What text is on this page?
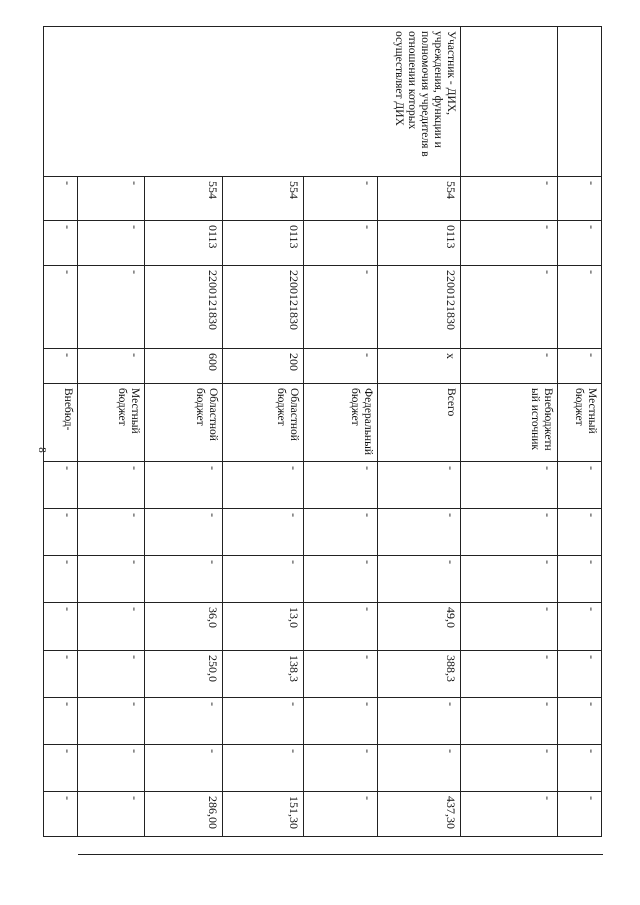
8
	-	-	-	-	Местный бюджет	-	-	-	-	-	-	-	-
	-	-	-	-	Внебюджетный источник	-	-	-	-	-	-	-	-
Участник - ДИХ, учреждения, функции и полномочия учредителя в отношении которых осуществляет ДИХ	554	0113	2200121830	х	Всего	-	-	-	49,0	388,3	-	-	437,30
	-	-	-	-	Федеральный бюджет	-	-	-	-	-	-	-	-
	554	0113	2200121830	200	Областной бюджет	-	-	-	13,0	138,3	-	-	151,30
	554	0113	2200121830	600	Областной бюджет	-	-	-	36,0	250,0	-	-	286,00
	-	-	-	-	Местный бюджет	-	-	-	-	-	-	-	-
	-	-	-	-	Внебюд-	-	-	-	-	-	-	-	-
